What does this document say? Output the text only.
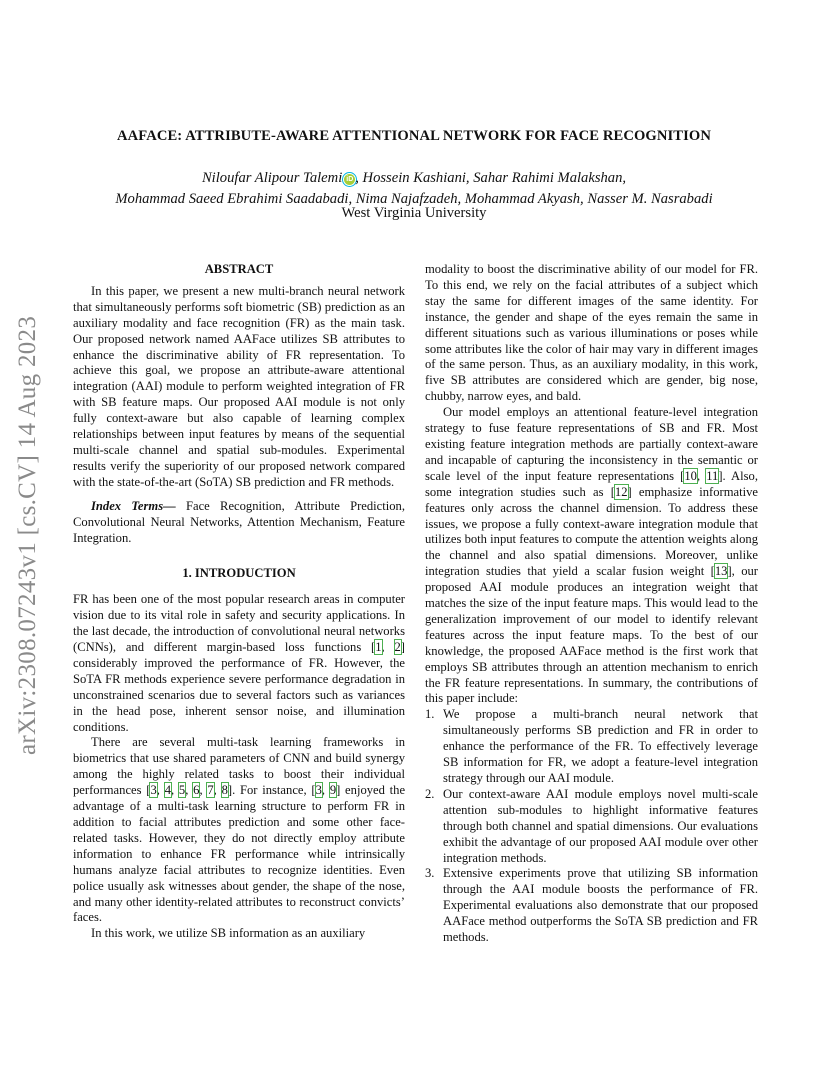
arXiv:2308.07243v1 [cs.CV] 14 Aug 2023
AAFACE: ATTRIBUTE-AWARE ATTENTIONAL NETWORK FOR FACE RECOGNITION
Niloufar Alipour Talemi iD , Hossein Kashiani, Sahar Rahimi Malakshan,
Mohammad Saeed Ebrahimi Saadabadi, Nima Najafzadeh, Mohammad Akyash, Nasser M. Nasrabadi
West Virginia University
ABSTRACT

In this paper, we present a new multi-branch neural network that simultaneously performs soft biometric (SB) prediction as an auxiliary modality and face recognition (FR) as the main task. Our proposed network named AAFace utilizes SB attributes to enhance the discriminative ability of FR representation. To achieve this goal, we propose an attribute-aware attentional integration (AAI) module to perform weighted integration of FR with SB feature maps. Our proposed AAI module is not only fully context-aware but also capable of learning complex relationships between input features by means of the sequential multi-scale channel and spatial sub-modules. Experimental results verify the superiority of our proposed network compared with the state-of-the-art (SoTA) SB prediction and FR methods.

Index Terms— Face Recognition, Attribute Prediction, Convolutional Neural Networks, Attention Mechanism, Feature Integration.

1. INTRODUCTION

FR has been one of the most popular research areas in computer vision due to its vital role in safety and security applications. In the last decade, the introduction of convolutional neural networks (CNNs), and different margin-based loss functions [1, 2] considerably improved the performance of FR. However, the SoTA FR methods experience severe performance degradation in unconstrained scenarios due to several factors such as variances in the head pose, inherent sensor noise, and illumination conditions.

There are several multi-task learning frameworks in biometrics that use shared parameters of CNN and build synergy among the highly related tasks to boost their individual performances [3, 4, 5, 6, 7, 8]. For instance, [3, 9] enjoyed the advantage of a multi-task learning structure to perform FR in addition to facial attributes prediction and some other face-related tasks. However, they do not directly employ attribute information to enhance FR performance while intrinsically humans analyze facial attributes to recognize identities. Even police usually ask witnesses about gender, the shape of the nose, and many other identity-related attributes to reconstruct convicts’ faces.

In this work, we utilize SB information as an auxiliary

modality to boost the discriminative ability of our model for FR. To this end, we rely on the facial attributes of a subject which stay the same for different images of the same identity. For instance, the gender and shape of the eyes remain the same in different situations such as various illuminations or poses while some attributes like the color of hair may vary in different images of the same person. Thus, as an auxiliary modality, in this work, five SB attributes are considered which are gender, big nose, chubby, narrow eyes, and bald.

Our model employs an attentional feature-level integration strategy to fuse feature representations of SB and FR. Most existing feature integration methods are partially context-aware and incapable of capturing the inconsistency in the semantic or scale level of the input feature representations [10, 11]. Also, some integration studies such as [12] emphasize informative features only across the channel dimension. To address these issues, we propose a fully context-aware integration module that utilizes both input features to compute the attention weights along the channel and also spatial dimensions. Moreover, unlike integration studies that yield a scalar fusion weight [13], our proposed AAI module produces an integration weight that matches the size of the input feature maps. This would lead to the generalization improvement of our model to identify relevant features across the input feature maps. To the best of our knowledge, the proposed AAFace method is the first work that employs SB attributes through an attention mechanism to enrich the FR feature representations. In summary, the contributions of this paper include:

1. We propose a multi-branch neural network that simultaneously performs SB prediction and FR in order to enhance the performance of the FR. To effectively leverage SB information for FR, we adopt a feature-level integration strategy through our AAI module.
2. Our context-aware AAI module employs novel multi-scale attention sub-modules to highlight informative features through both channel and spatial dimensions. Our evaluations exhibit the advantage of our proposed AAI module over other integration methods.
3. Extensive experiments prove that utilizing SB information through the AAI module boosts the performance of FR. Experimental evaluations also demonstrate that our proposed AAFace method outperforms the SoTA SB prediction and FR methods.
